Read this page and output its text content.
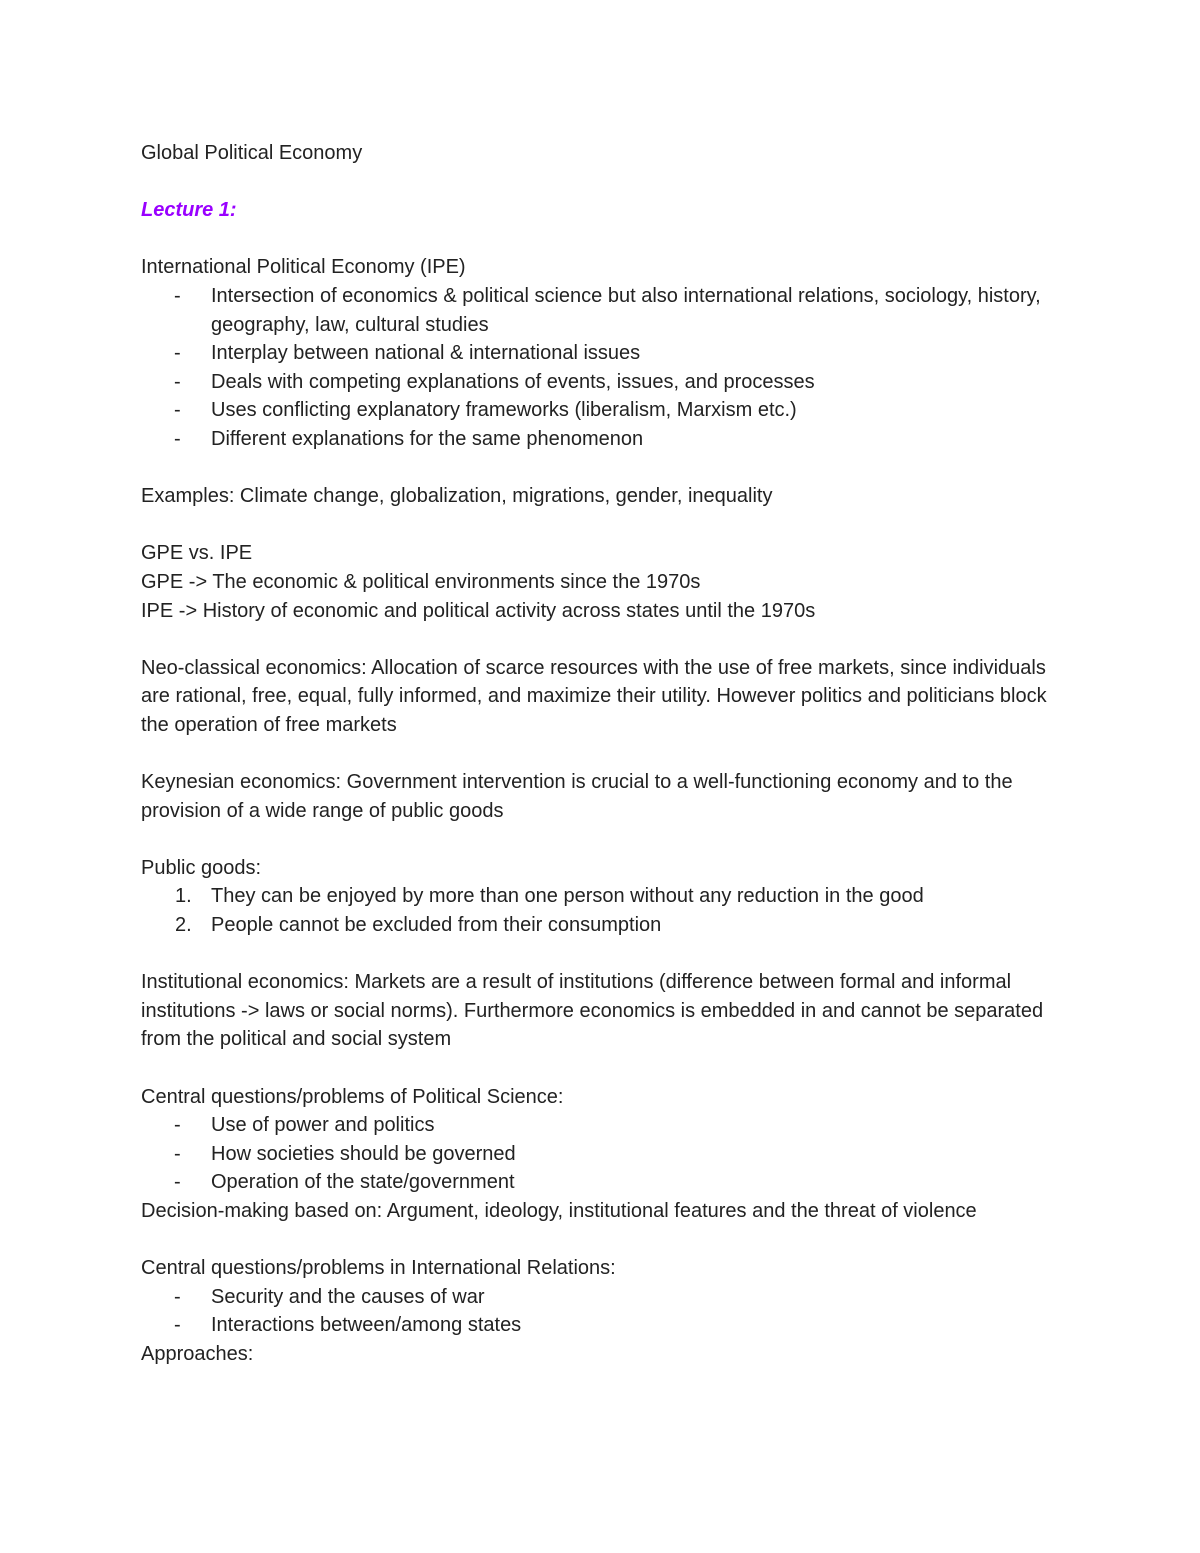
Global Political Economy

Lecture 1:

International Political Economy (IPE)

- Intersection of economics & political science but also international relations, sociology, history, geography, law, cultural studies
- Interplay between national & international issues
- Deals with competing explanations of events, issues, and processes
- Uses conflicting explanatory frameworks (liberalism, Marxism etc.)
- Different explanations for the same phenomenon

Examples: Climate change, globalization, migrations, gender, inequality

GPE vs. IPE

GPE -> The economic & political environments since the 1970s

IPE -> History of economic and political activity across states until the 1970s

Neo-classical economics: Allocation of scarce resources with the use of free markets, since individuals are rational, free, equal, fully informed, and maximize their utility. However politics and politicians block the operation of free markets

Keynesian economics: Government intervention is crucial to a well-functioning economy and to the provision of a wide range of public goods

Public goods:

1. They can be enjoyed by more than one person without any reduction in the good
2. People cannot be excluded from their consumption

Institutional economics: Markets are a result of institutions (difference between formal and informal institutions -> laws or social norms). Furthermore economics is embedded in and cannot be separated from the political and social system

Central questions/problems of Political Science:

- Use of power and politics
- How societies should be governed
- Operation of the state/government

Decision-making based on: Argument, ideology, institutional features and the threat of violence

Central questions/problems in International Relations:

- Security and the causes of war
- Interactions between/among states

Approaches:
